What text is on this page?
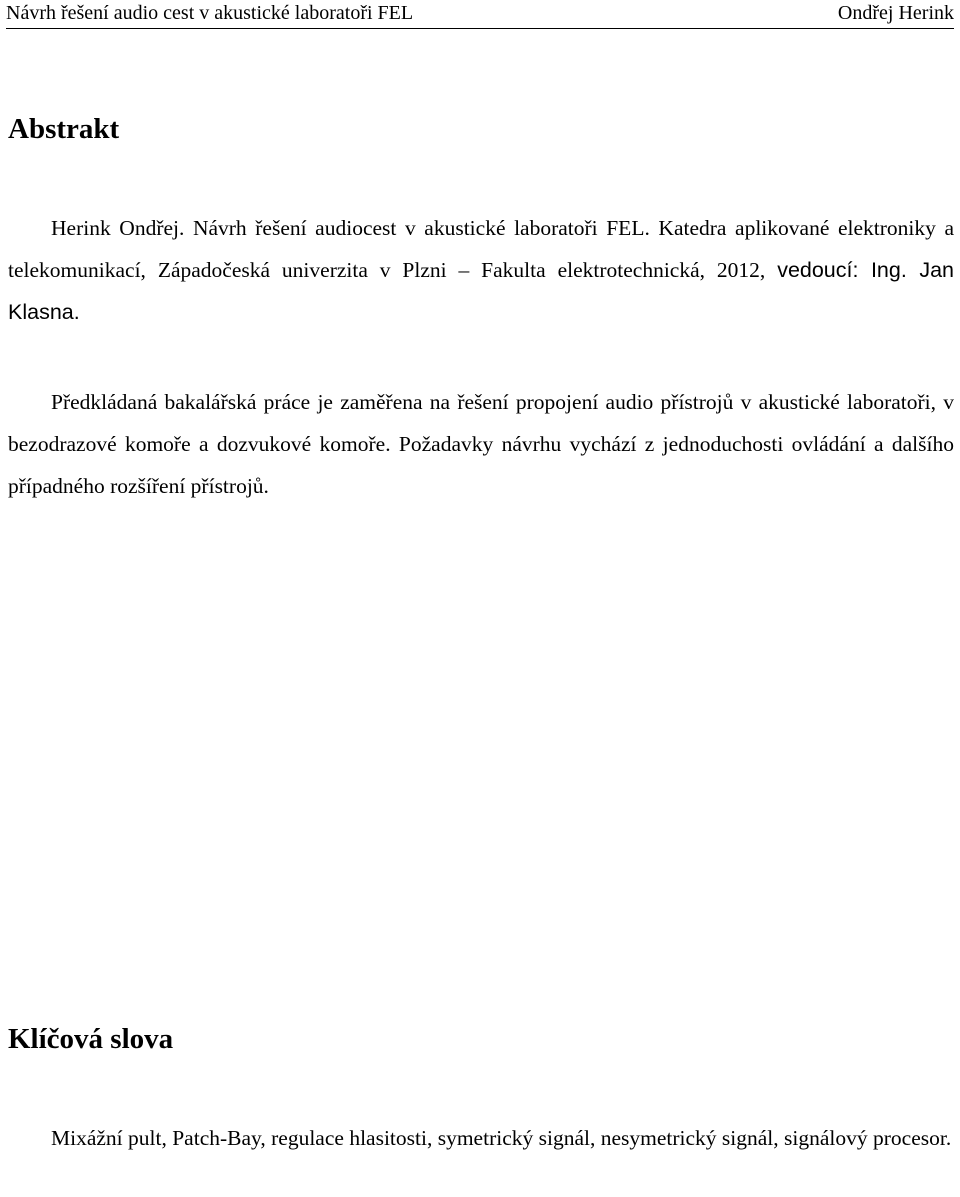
Návrh řešení audio cest v akustické laboratoři FEL	Ondřej Herink
Abstrakt

Herink Ondřej. Návrh řešení audiocest v akustické laboratoři FEL. Katedra aplikované elektroniky a telekomunikací, Západočeská univerzita v Plzni – Fakulta elektrotechnická, 2012, vedoucí: Ing. Jan Klasna.

Předkládaná bakalářská práce je zaměřena na řešení propojení audio přístrojů v akustické laboratoři, v bezodrazové komoře a dozvukové komoře. Požadavky návrhu vychází z jednoduchosti ovládání a dalšího případného rozšíření přístrojů.

Klíčová slova

Mixážní pult, Patch-Bay, regulace hlasitosti, symetrický signál, nesymetrický signál, signálový procesor.
